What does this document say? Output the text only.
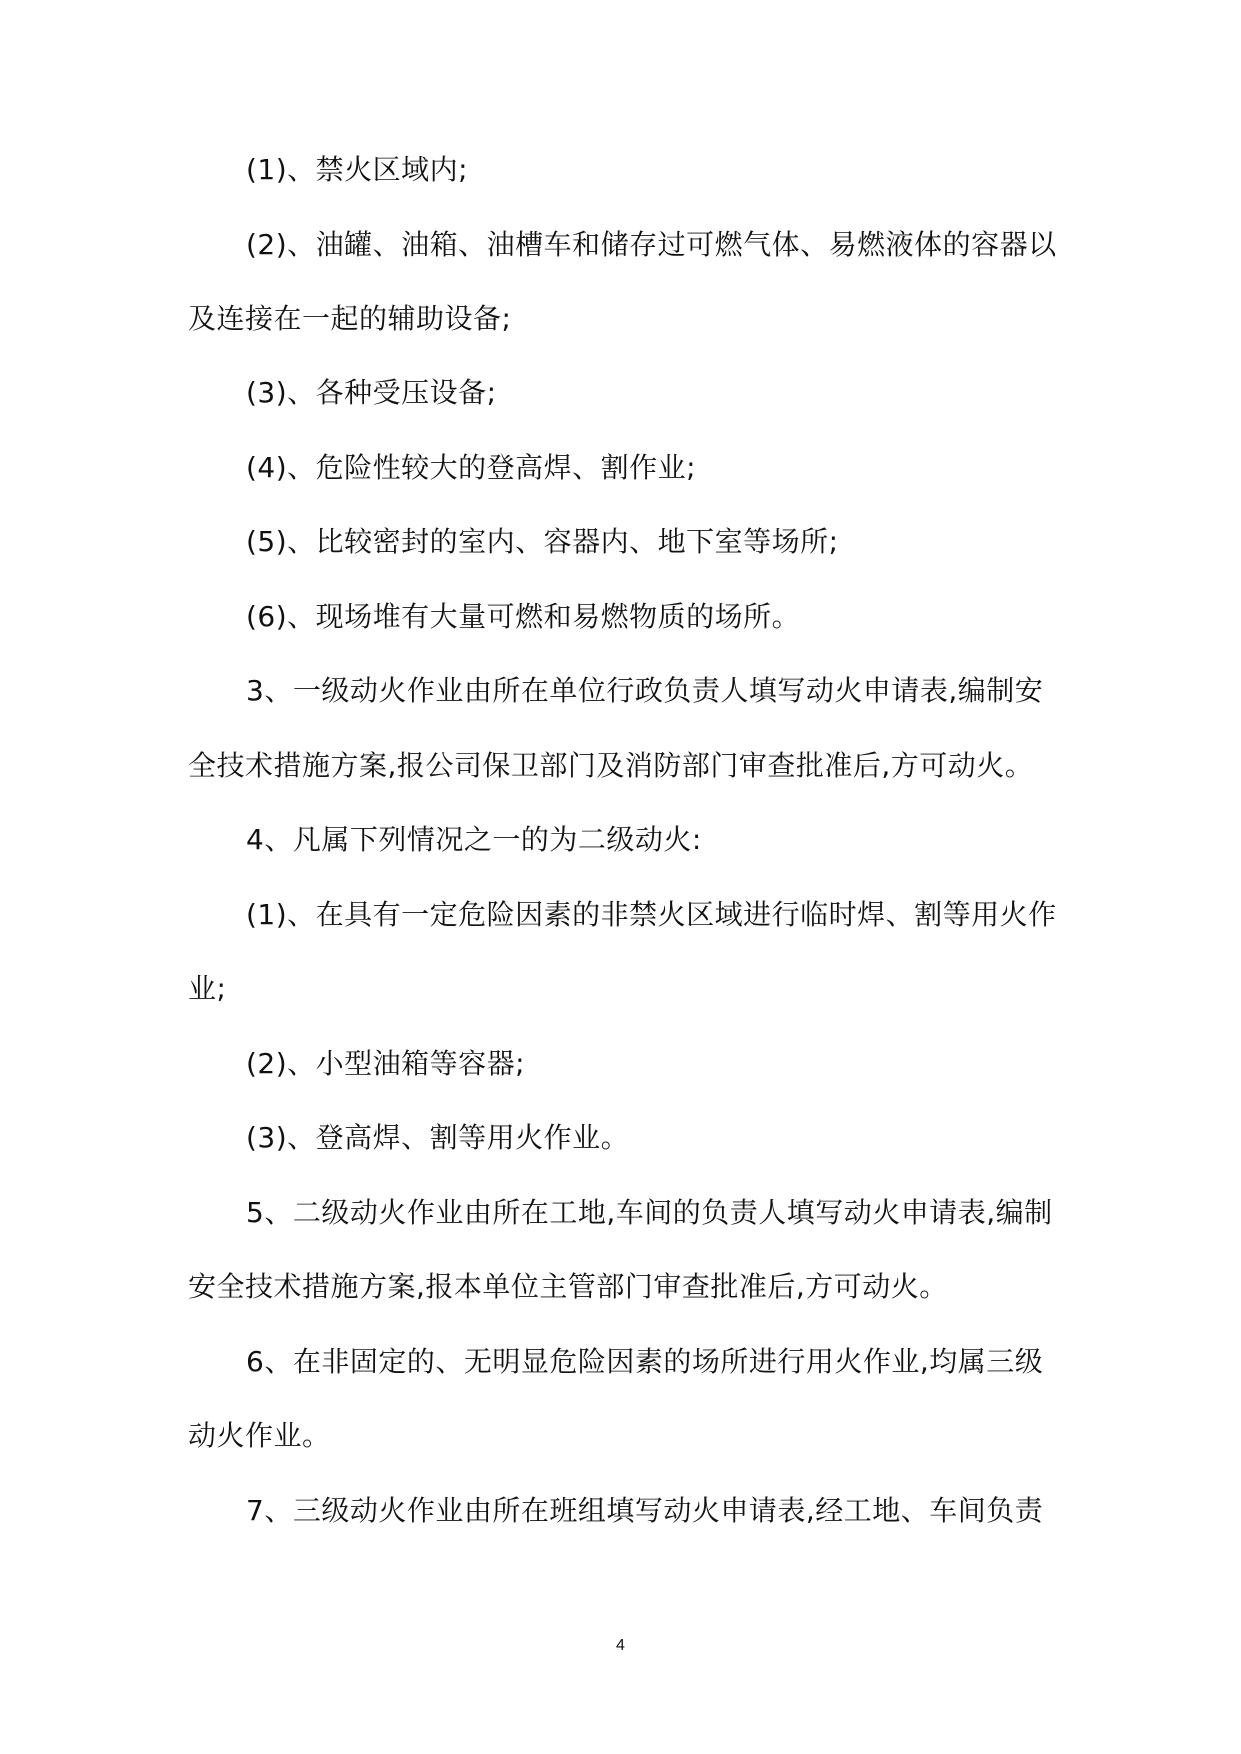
(1)、禁火区域内;
(2)、油罐、油箱、油槽车和储存过可燃气体、易燃液体的容器以
及连接在一起的辅助设备;
(3)、各种受压设备;
(4)、危险性较大的登高焊、割作业;
(5)、比较密封的室内、容器内、地下室等场所;
(6)、现场堆有大量可燃和易燃物质的场所。
3、一级动火作业由所在单位行政负责人填写动火申请表,编制安
全技术措施方案,报公司保卫部门及消防部门审查批准后,方可动火。
4、凡属下列情况之一的为二级动火:
(1)、在具有一定危险因素的非禁火区域进行临时焊、割等用火作
业;
(2)、小型油箱等容器;
(3)、登高焊、割等用火作业。
5、二级动火作业由所在工地,车间的负责人填写动火申请表,编制
安全技术措施方案,报本单位主管部门审查批准后,方可动火。
6、在非固定的、无明显危险因素的场所进行用火作业,均属三级
动火作业。
7、三级动火作业由所在班组填写动火申请表,经工地、车间负责
4
